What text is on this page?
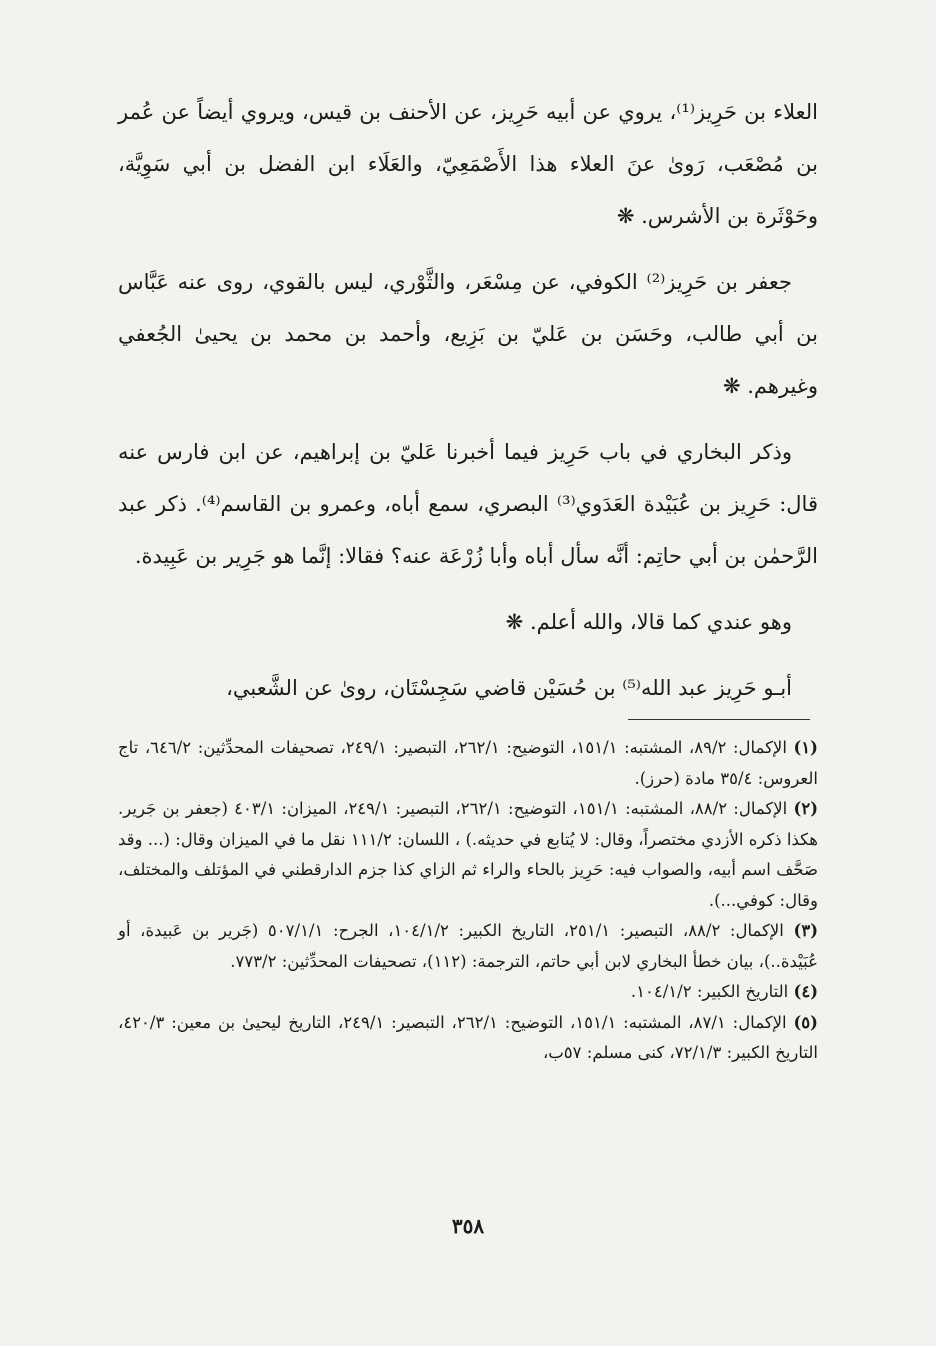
العلاء بن حَرِيز⁽¹⁾، يروي عن أبيه حَرِيز، عن الأحنف بن قيس، ويروي أيضاً عن عُمر بن مُصْعَب، رَوىٰ عنَ العلاء هذا الأَصْمَعِيّ، والعَلَاء ابن الفضل بن أبي سَوِيَّة، وحَوْثَرة بن الأشرس. ❋

جعفر بن حَرِيز⁽²⁾ الكوفي، عن مِسْعَر، والثَّوْري، ليس بالقوي، روى عنه عَبَّاس بن أبي طالب، وحَسَن بن عَليّ بن بَزِيع، وأحمد بن محمد بن يحيىٰ الجُعفي وغيرهم. ❋

وذكر البخاري في باب حَرِيز فيما أخبرنا عَليّ بن إبراهيم، عن ابن فارس عنه قال: حَرِيز بن عُبَيْدة العَدَوي⁽³⁾ البصري، سمع أباه، وعمرو بن القاسم⁽⁴⁾. ذكر عبد الرَّحمٰن بن أبي حاتِم: أنَّه سأل أباه وأبا زُرْعَة عنه؟ فقالا: إنَّما هو جَرِير بن عَبِيدة.

وهو عندي كما قالا، والله أعلم. ❋

أبـو حَرِيز عبد الله⁽⁵⁾ بن حُسَيْن قاضي سَجِسْتَان، روىٰ عن الشَّعبي،

(١) الإكمال: ٨٩/٢، المشتبه: ١٥١/١، التوضيح: ٢٦٢/١، التبصير: ٢٤٩/١، تصحيفات المحدِّثين: ٦٤٦/٢، تاج العروس: ٣٥/٤ مادة (حرز).

(٢) الإكمال: ٨٨/٢، المشتبه: ١٥١/١، التوضيح: ٢٦٢/١، التبصير: ٢٤٩/١، الميزان: ٤٠٣/١ (جعفر بن جَرير. هكذا ذكره الأزدي مختصراً، وقال: لا يُتابع في حديثه.) ، اللسان: ١١١/٢ نقل ما في الميزان وقال: (... وقد صَحَّف اسم أبيه، والصواب فيه: حَرِيز بالحاء والراء ثم الزاي كذا جزم الدارقطني في المؤتلف والمختلف، وقال: كوفي...).

(٣) الإكمال: ٨٨/٢، التبصير: ٢٥١/١، التاريخ الكبير: ١٠٤/١/٢، الجرح: ٥٠٧/١/١ (جَرير بن عَبيدة، أو عُبَيْدة..)، بيان خطأ البخاري لابن أبي حاتم، الترجمة: (١١٢)، تصحيفات المحدِّثين: ٧٧٣/٢.

(٤) التاريخ الكبير: ١٠٤/١/٢.

(٥) الإكمال: ٨٧/١، المشتبه: ١٥١/١، التوضيح: ٢٦٢/١، التبصير: ٢٤٩/١، التاريخ ليحيىٰ بن معين: ٤٢٠/٣، التاريخ الكبير: ٧٢/١/٣، كنى مسلم: ٥٧ب،

٣٥٨
